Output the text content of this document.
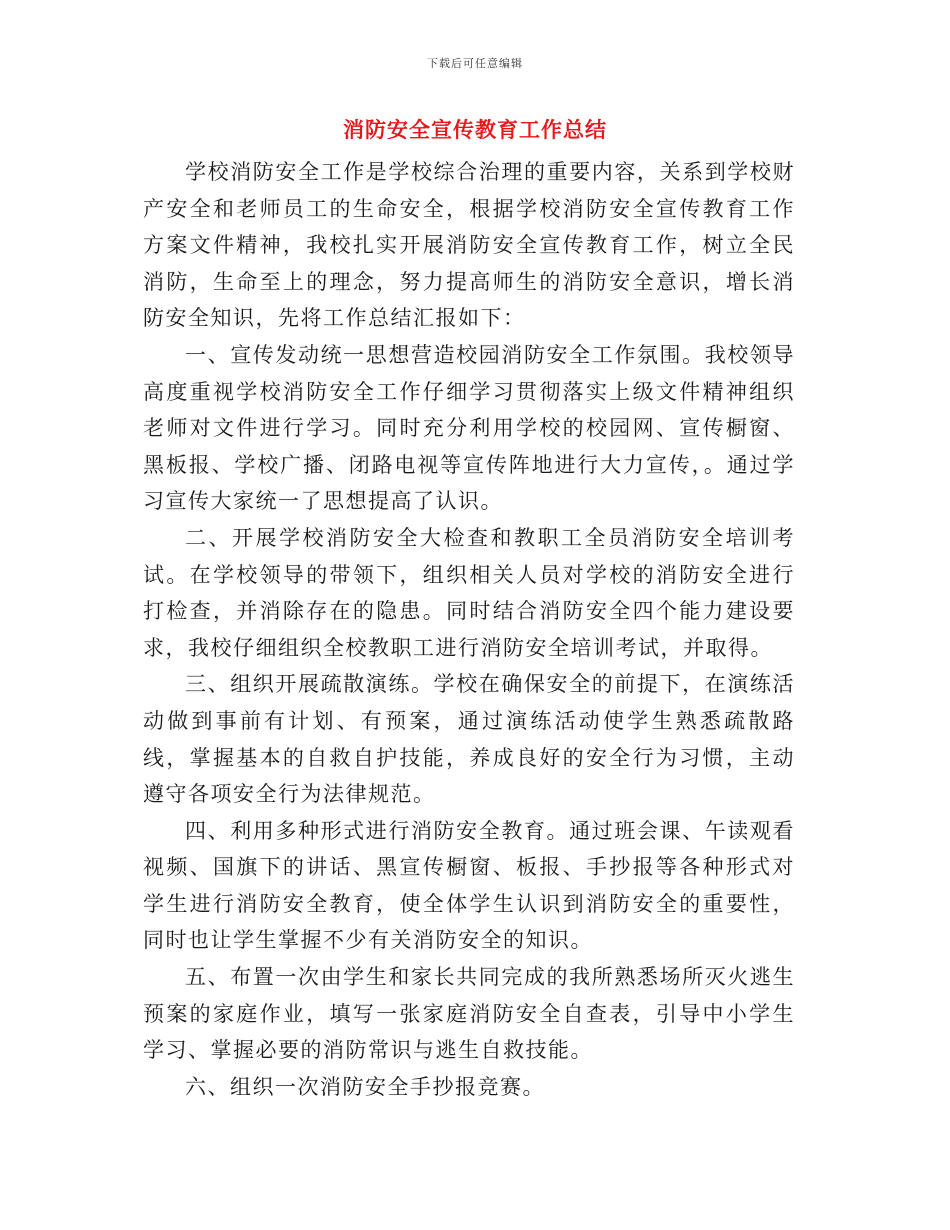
下载后可任意编辑
消防安全宣传教育工作总结

学校消防安全工作是学校综合治理的重要内容，关系到学校财产安全和老师员工的生命安全，根据学校消防安全宣传教育工作方案文件精神，我校扎实开展消防安全宣传教育工作，树立全民消防，生命至上的理念，努力提高师生的消防安全意识，增长消防安全知识，先将工作总结汇报如下：

一、宣传发动统一思想营造校园消防安全工作氛围。我校领导高度重视学校消防安全工作仔细学习贯彻落实上级文件精神组织老师对文件进行学习。同时充分利用学校的校园网、宣传橱窗、黑板报、学校广播、闭路电视等宣传阵地进行大力宣传，。通过学习宣传大家统一了思想提高了认识。

二、开展学校消防安全大检查和教职工全员消防安全培训考试。在学校领导的带领下，组织相关人员对学校的消防安全进行打检查，并消除存在的隐患。同时结合消防安全四个能力建设要求，我校仔细组织全校教职工进行消防安全培训考试，并取得。

三、组织开展疏散演练。学校在确保安全的前提下，在演练活动做到事前有计划、有预案，通过演练活动使学生熟悉疏散路线，掌握基本的自救自护技能，养成良好的安全行为习惯，主动遵守各项安全行为法律规范。

四、利用多种形式进行消防安全教育。通过班会课、午读观看视频、国旗下的讲话、黑宣传橱窗、板报、手抄报等各种形式对学生进行消防安全教育，使全体学生认识到消防安全的重要性，同时也让学生掌握不少有关消防安全的知识。

五、布置一次由学生和家长共同完成的我所熟悉场所灭火逃生预案的家庭作业，填写一张家庭消防安全自查表，引导中小学生学习、掌握必要的消防常识与逃生自救技能。

六、组织一次消防安全手抄报竞赛。
